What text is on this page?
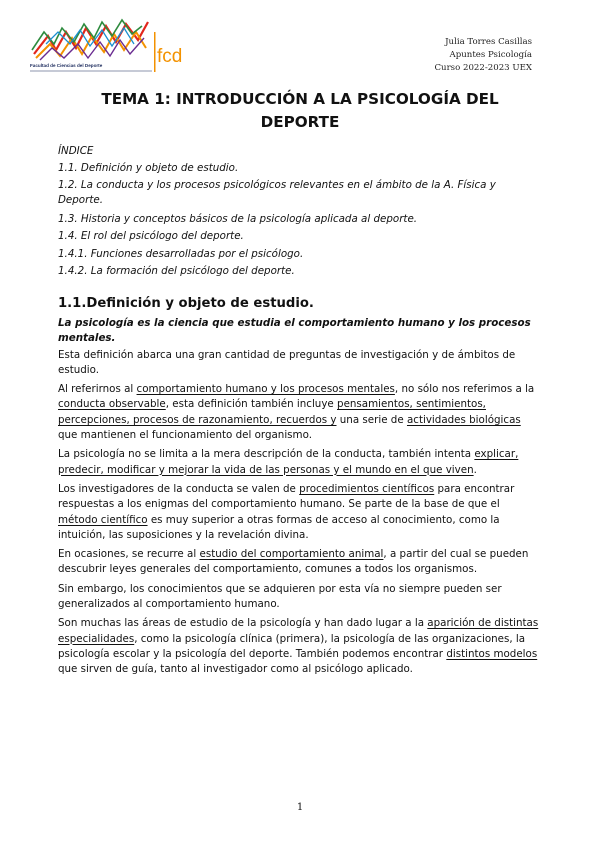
Facultad de Ciencias del Deporte	fcd
Julia Torres Casillas
Apuntes Psicología
Curso 2022-2023 UEX
TEMA 1: INTRODUCCIÓN A LA PSICOLOGÍA DEL DEPORTE
ÍNDICE
1.1. Definición y objeto de estudio.
1.2. La conducta y los procesos psicológicos relevantes en el ámbito de la A. Física y Deporte.
1.3. Historia y conceptos básicos de la psicología aplicada al deporte.
1.4. El rol del psicólogo del deporte.
1.4.1. Funciones desarrolladas por el psicólogo.
1.4.2. La formación del psicólogo del deporte.
1.1.Definición y objeto de estudio.

La psicología es la ciencia que estudia el comportamiento humano y los procesos mentales.

Esta definición abarca una gran cantidad de preguntas de investigación y de ámbitos de estudio.

Al referirnos al comportamiento humano y los procesos mentales, no sólo nos referimos a la conducta observable, esta definición también incluye pensamientos, sentimientos, percepciones, procesos de razonamiento, recuerdos y una serie de actividades biológicas que mantienen el funcionamiento del organismo.

La psicología no se limita a la mera descripción de la conducta, también intenta explicar, predecir, modificar y mejorar la vida de las personas y el mundo en el que viven.

Los investigadores de la conducta se valen de procedimientos científicos para encontrar respuestas a los enigmas del comportamiento humano. Se parte de la base de que el método científico es muy superior a otras formas de acceso al conocimiento, como la intuición, las suposiciones y la revelación divina.

En ocasiones, se recurre al estudio del comportamiento animal, a partir del cual se pueden descubrir leyes generales del comportamiento, comunes a todos los organismos.

Sin embargo, los conocimientos que se adquieren por esta vía no siempre pueden ser generalizados al comportamiento humano.

Son muchas las áreas de estudio de la psicología y han dado lugar a la aparición de distintas especialidades, como la psicología clínica (primera), la psicología de las organizaciones, la psicología escolar y la psicología del deporte. También podemos encontrar distintos modelos que sirven de guía, tanto al investigador como al psicólogo aplicado.

1
